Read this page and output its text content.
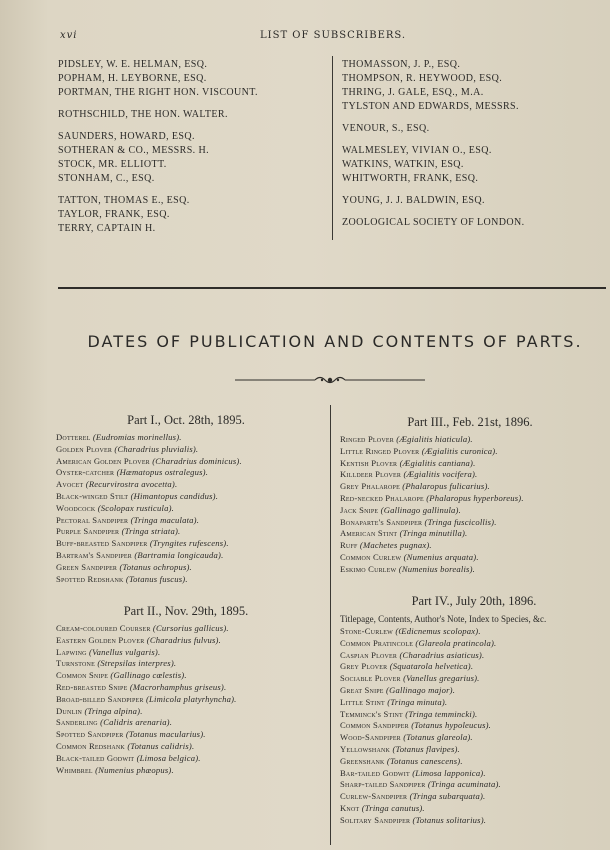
xvi	LIST OF SUBSCRIBERS.
PIDSLEY, W. E. HELMAN, ESQ.
POPHAM, H. LEYBORNE, ESQ.
PORTMAN, THE RIGHT HON. VISCOUNT.
ROTHSCHILD, THE HON. WALTER.
SAUNDERS, HOWARD, ESQ.
SOTHERAN & CO., MESSRS. H.
STOCK, MR. ELLIOTT.
STONHAM, C., ESQ.
TATTON, THOMAS E., ESQ.
TAYLOR, FRANK, ESQ.
TERRY, CAPTAIN H.
THOMASSON, J. P., ESQ.
THOMPSON, R. HEYWOOD, ESQ.
THRING, J. GALE, ESQ., M.A.
TYLSTON AND EDWARDS, MESSRS.
VENOUR, S., ESQ.
WALMESLEY, VIVIAN O., ESQ.
WATKINS, WATKIN, ESQ.
WHITWORTH, FRANK, ESQ.
YOUNG, J. J. BALDWIN, ESQ.
ZOOLOGICAL SOCIETY OF LONDON.
DATES OF PUBLICATION AND CONTENTS OF PARTS.
Part I., Oct. 28th, 1895.
Dotterel (Eudromias morinellus).
Golden Plover (Charadrius pluvialis).
American Golden Plover (Charadrius dominicus).
Oyster-catcher (Hæmatopus ostralegus).
Avocet (Recurvirostra avocetta).
Black-winged Stilt (Himantopus candidus).
Woodcock (Scolopax rusticula).
Pectoral Sandpiper (Tringa maculata).
Purple Sandpiper (Tringa striata).
Buff-breasted Sandpiper (Tryngites rufescens).
Bartram's Sandpiper (Bartramia longicauda).
Green Sandpiper (Totanus ochropus).
Spotted Redshank (Totanus fuscus).
Part II., Nov. 29th, 1895.
Cream-coloured Courser (Cursorius gallicus).
Eastern Golden Plover (Charadrius fulvus).
Lapwing (Vanellus vulgaris).
Turnstone (Strepsilas interpres).
Common Snipe (Gallinago cœlestis).
Red-breasted Snipe (Macrorhamphus griseus).
Broad-billed Sandpiper (Limicola platyrhyncha).
Dunlin (Tringa alpina).
Sanderling (Calidris arenaria).
Spotted Sandpiper (Totanus macularius).
Common Redshank (Totanus calidris).
Black-tailed Godwit (Limosa belgica).
Whimbrel (Numenius phæopus).
Part III., Feb. 21st, 1896.
Ringed Plover (Ægialitis hiaticula).
Little Ringed Plover (Ægialitis curonica).
Kentish Plover (Ægialitis cantiana).
Killdeer Plover (Ægialitis vocifera).
Grey Phalarope (Phalaropus fulicarius).
Red-necked Phalarope (Phalaropus hyperboreus).
Jack Snipe (Gallinago gallinula).
Bonaparte's Sandpiper (Tringa fuscicollis).
American Stint (Tringa minutilla).
Ruff (Machetes pugnax).
Common Curlew (Numenius arquata).
Eskimo Curlew (Numenius borealis).
Part IV., July 20th, 1896.
Titlepage, Contents, Author's Note, Index to Species, &c.
Stone-Curlew (Œdicnemus scolopax).
Common Pratincole (Glareola pratincola).
Caspian Plover (Charadrius asiaticus).
Grey Plover (Squatarola helvetica).
Sociable Plover (Vanellus gregarius).
Great Snipe (Gallinago major).
Little Stint (Tringa minuta).
Temminck's Stint (Tringa temmincki).
Common Sandpiper (Totanus hypoleucus).
Wood-Sandpiper (Totanus glareola).
Yellowshank (Totanus flavipes).
Greenshank (Totanus canescens).
Bar-tailed Godwit (Limosa lapponica).
Sharp-tailed Sandpiper (Tringa acuminata).
Curlew-Sandpiper (Tringa subarquata).
Knot (Tringa canutus).
Solitary Sandpiper (Totanus solitarius).
